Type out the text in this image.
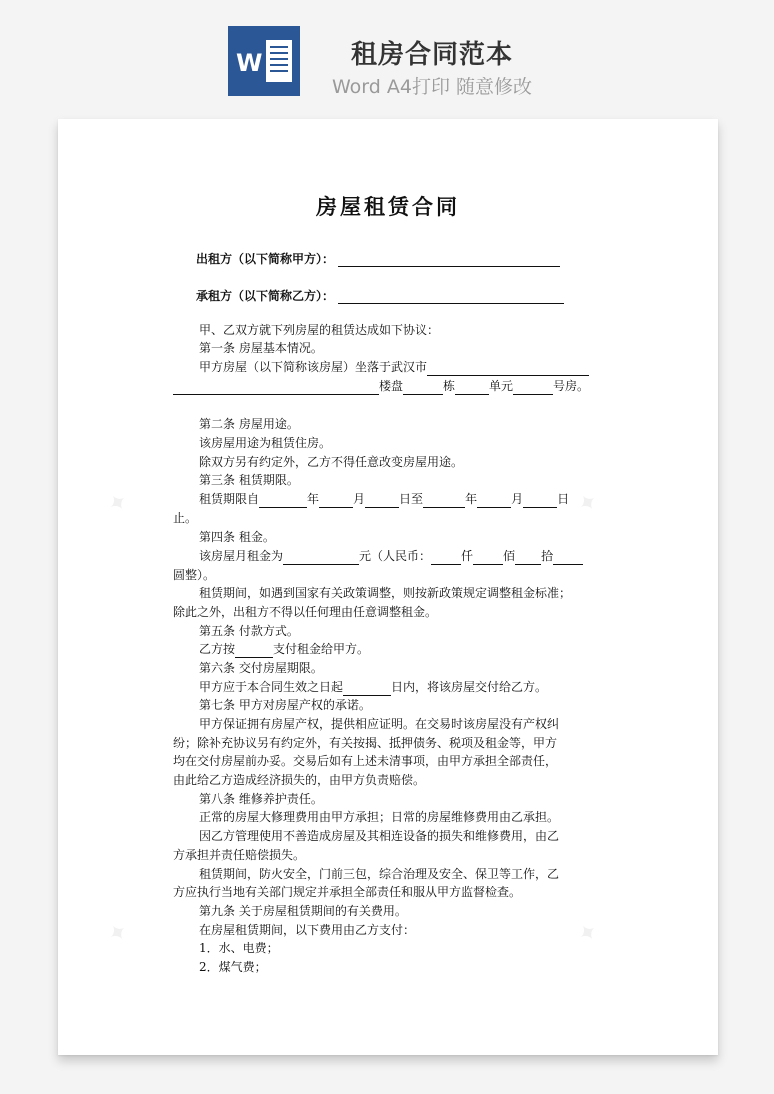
W	租房合同范本
Word A4打印 随意修改
✦	✦
✦	✦
房屋租赁合同
出租方（以下简称甲方）：
承租方（以下简称乙方）：
甲、乙双方就下列房屋的租赁达成如下协议：
第一条 房屋基本情况。
甲方房屋（以下简称该房屋）坐落于武汉市
楼盘	栋	单元	号房。
第二条 房屋用途。
该房屋用途为租赁住房。
除双方另有约定外，乙方不得任意改变房屋用途。
第三条 租赁期限。
租赁期限自	年	月	日至	年	月	日
止。
第四条 租金。
该房屋月租金为	元（人民币：	仟	佰 拾
圆整）。
租赁期间，如遇到国家有关政策调整，则按新政策规定调整租金标准；
除此之外，出租方不得以任何理由任意调整租金。
第五条 付款方式。
乙方按	支付租金给甲方。
第六条 交付房屋期限。
甲方应于本合同生效之日起	日内，将该房屋交付给乙方。
第七条 甲方对房屋产权的承诺。
甲方保证拥有房屋产权，提供相应证明。在交易时该房屋没有产权纠
纷；除补充协议另有约定外，有关按揭、抵押债务、税项及租金等，甲方
均在交付房屋前办妥。交易后如有上述未清事项，由甲方承担全部责任，
由此给乙方造成经济损失的，由甲方负责赔偿。
第八条 维修养护责任。
正常的房屋大修理费用由甲方承担；日常的房屋维修费用由乙承担。
因乙方管理使用不善造成房屋及其相连设备的损失和维修费用，由乙
方承担并责任赔偿损失。
租赁期间，防火安全，门前三包，综合治理及安全、保卫等工作，乙
方应执行当地有关部门规定并承担全部责任和服从甲方监督检查。
第九条 关于房屋租赁期间的有关费用。
在房屋租赁期间，以下费用由乙方支付：
1．水、电费；
2．煤气费；
